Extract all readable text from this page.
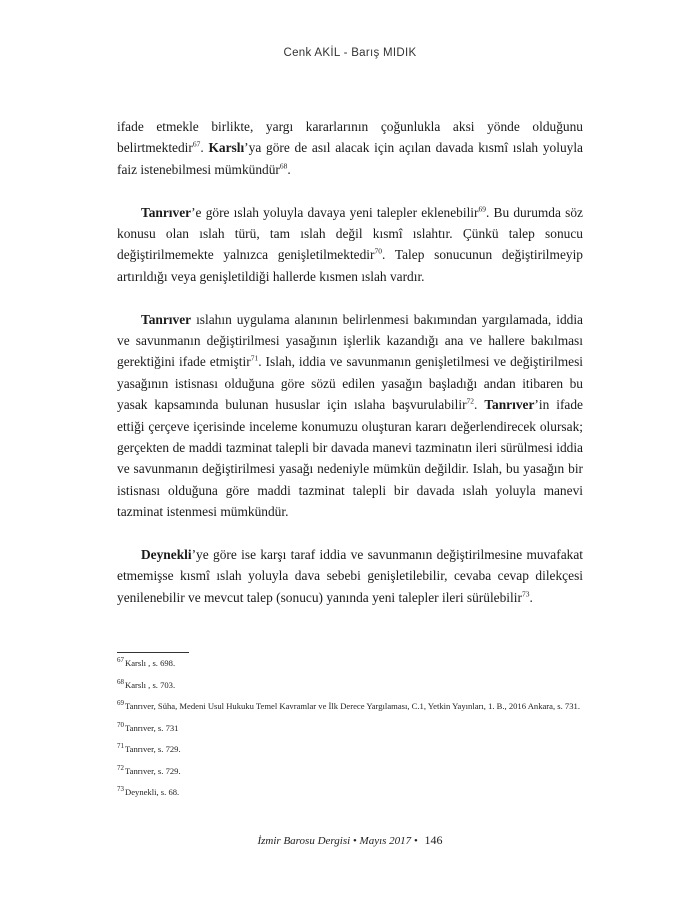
Cenk AKİL - Barış MIDIK

ifade etmekle birlikte, yargı kararlarının çoğunlukla aksi yönde olduğunu belirtmektedir$^{67}$. Karslı’ya göre de asıl alacak için açılan davada kısmî ıslah yoluyla faiz istenebilmesi mümkündür$^{68}$.

Tanrıver’e göre ıslah yoluyla davaya yeni talepler eklenebilir$^{69}$. Bu durumda söz konusu olan ıslah türü, tam ıslah değil kısmî ıslahtır. Çünkü talep sonucu değiştirilmemekte yalnızca genişletilmektedir$^{70}$. Talep sonucunun değiştirilmeyip artırıldığı veya genişletildiği hallerde kısmen ıslah vardır.

Tanrıver ıslahın uygulama alanının belirlenmesi bakımından yargılamada, iddia ve savunmanın değiştirilmesi yasağının işlerlik kazandığı ana ve hallere bakılması gerektiğini ifade etmiştir$^{71}$. Islah, iddia ve savunmanın genişletilmesi ve değiştirilmesi yasağının istisnası olduğuna göre sözü edilen yasağın başladığı andan itibaren bu yasak kapsamında bulunan hususlar için ıslaha başvurulabilir$^{72}$. Tanrıver’in ifade ettiği çerçeve içerisinde inceleme konumuzu oluşturan kararı değerlendirecek olursak; gerçekten de maddi tazminat talepli bir davada manevi tazminatın ileri sürülmesi iddia ve savunmanın değiştirilmesi yasağı nedeniyle mümkün değildir. Islah, bu yasağın bir istisnası olduğuna göre maddi tazminat talepli bir davada ıslah yoluyla manevi tazminat istenmesi mümkündür.

Deynekli’ye göre ise karşı taraf iddia ve savunmanın değiştirilmesine muvafakat etmemişse kısmî ıslah yoluyla dava sebebi genişletilebilir, cevaba cevap dilekçesi yenilenebilir ve mevcut talep (sonucu) yanında yeni talepler ileri sürülebilir$^{73}$.

$^{67}$Karslı , s. 698.
$^{68}$Karslı , s. 703.
$^{69}$Tanrıver, Süha, Medeni Usul Hukuku Temel Kavramlar ve İlk Derece Yargılaması, C.1, Yetkin Yayınları, 1. B., 2016 Ankara, s. 731.
$^{70}$Tanrıver, s. 731
$^{71}$Tanrıver, s. 729.
$^{72}$Tanrıver, s. 729.
$^{73}$Deynekli, s. 68.
İzmir Barosu Dergisi • Mayıs 2017 • 146
